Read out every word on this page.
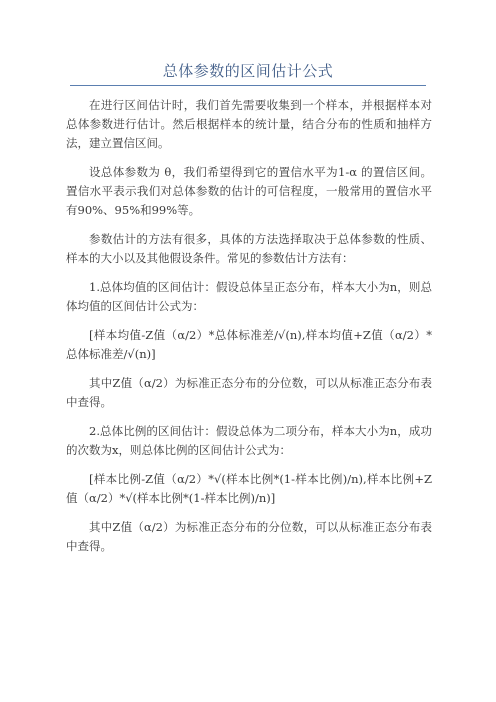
总体参数的区间估计公式

在进行区间估计时，我们首先需要收集到一个样本，并根据样本对总体参数进行估计。然后根据样本的统计量，结合分布的性质和抽样方法，建立置信区间。

设总体参数为 θ，我们希望得到它的置信水平为1-α 的置信区间。置信水平表示我们对总体参数的估计的可信程度，一般常用的置信水平有90%、95%和99%等。

参数估计的方法有很多，具体的方法选择取决于总体参数的性质、样本的大小以及其他假设条件。常见的参数估计方法有：

1.总体均值的区间估计：假设总体呈正态分布，样本大小为n，则总体均值的区间估计公式为：

[样本均值-Z值（α/2）*总体标准差/√(n),样本均值+Z值（α/2）*总体标准差/√(n)]

其中Z值（α/2）为标准正态分布的分位数，可以从标准正态分布表中查得。

2.总体比例的区间估计：假设总体为二项分布，样本大小为n，成功的次数为x，则总体比例的区间估计公式为：

[样本比例-Z值（α/2）*√(样本比例*(1-样本比例)/n),样本比例+Z值（α/2）*√(样本比例*(1-样本比例)/n)]

其中Z值（α/2）为标准正态分布的分位数，可以从标准正态分布表中查得。
